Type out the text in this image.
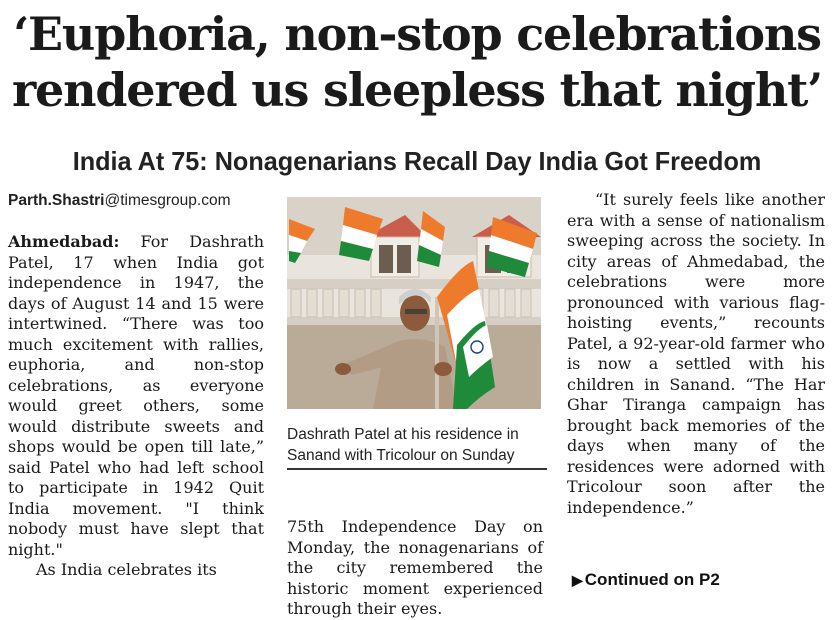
‘Euphoria, non-stop celebrations
rendered us sleepless that night’
India At 75: Nonagenarians Recall Day India Got Freedom
Parth.Shastri@timesgroup.com
Ahmedabad: For Dashrath Patel, 17 when India got independence in 1947, the days of August 14 and 15 were intertwined. “There was too much excitement with rallies, euphoria, and non-stop celebrations, as everyone would greet others, some would distribute sweets and shops would be open till late,” said Patel who had left school to participate in 1942 Quit India movement. "I think nobody must have slept that night."
As India celebrates its
Dashrath Patel at his residence in Sanand with Tricolour on Sunday
75th Independence Day on Monday, the nonagenarians of the city remembered the historic moment experienced through their eyes.
“It surely feels like another era with a sense of nationalism sweeping across the society. In city areas of Ahmedabad, the celebrations were more pronounced with various flag-hoisting events,” recounts Patel, a 92-year-old farmer who is now a settled with his children in Sanand. “The Har Ghar Tiranga campaign has brought back memories of the days when many of the residences were adorned with Tricolour soon after the independence.”
▶ Continued on P2
